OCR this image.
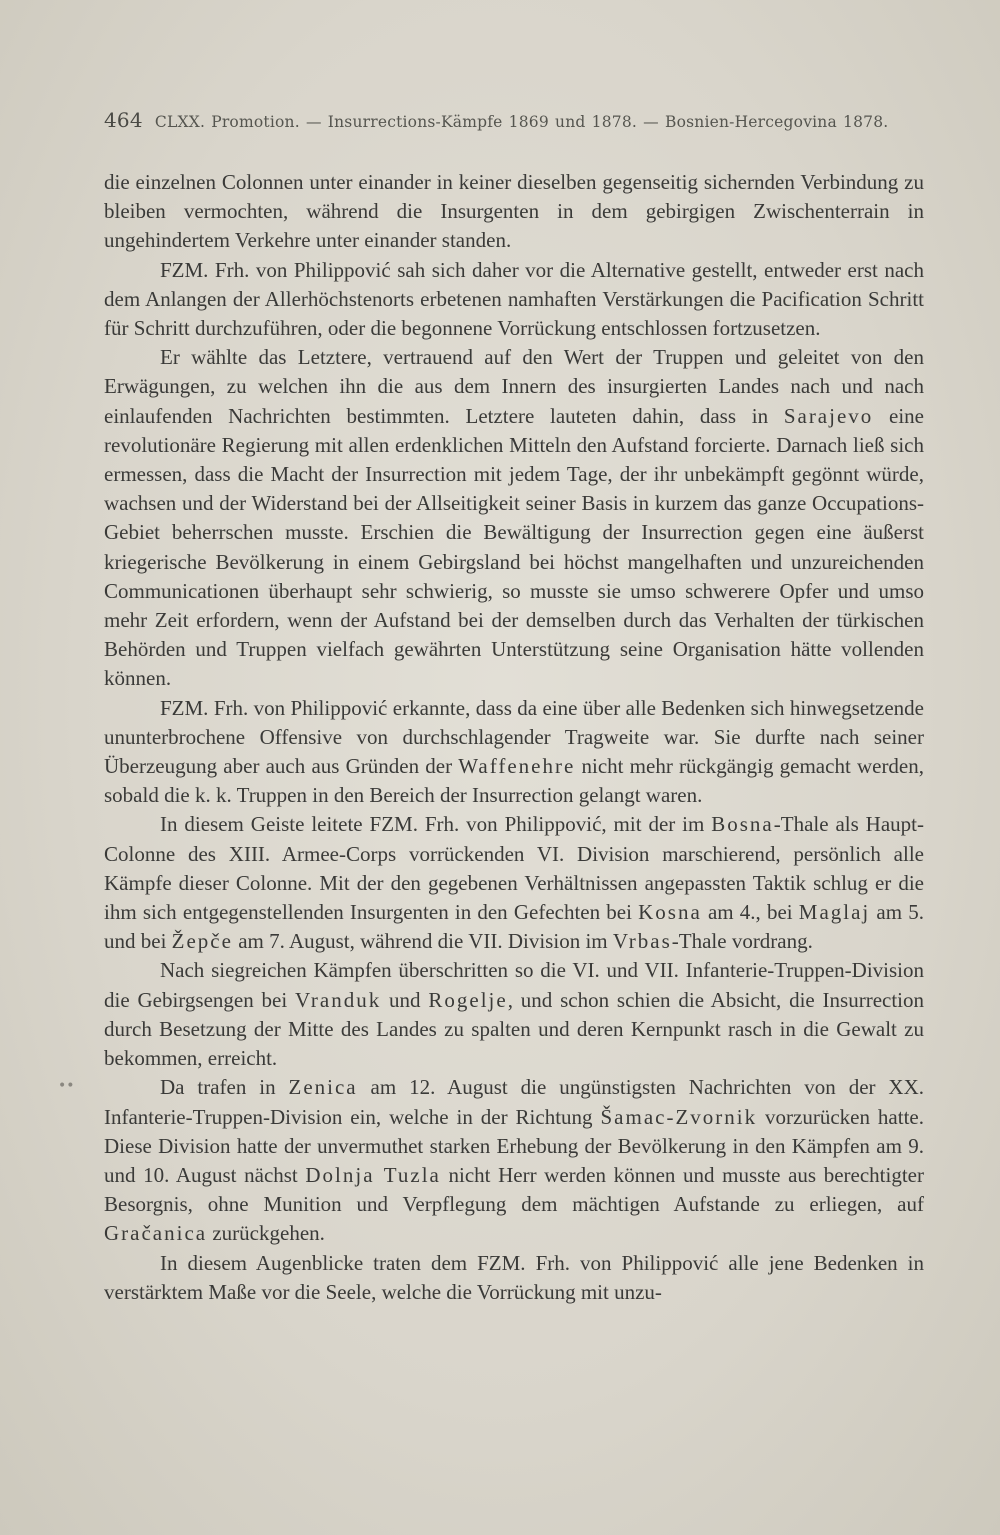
464 CLXX. Promotion. — Insurrections-Kämpfe 1869 und 1878. — Bosnien-Hercegovina 1878.

die einzelnen Colonnen unter einander in keiner dieselben gegenseitig sichernden Verbindung zu bleiben vermochten, während die Insurgenten in dem gebirgigen Zwischenterrain in ungehindertem Verkehre unter einander standen.

FZM. Frh. von Philippović sah sich daher vor die Alternative gestellt, entweder erst nach dem Anlangen der Allerhöchstenorts erbetenen namhaften Verstärkungen die Pacification Schritt für Schritt durchzuführen, oder die begonnene Vorrückung entschlossen fortzusetzen.

Er wählte das Letztere, vertrauend auf den Wert der Truppen und geleitet von den Erwägungen, zu welchen ihn die aus dem Innern des insurgierten Landes nach und nach einlaufenden Nachrichten bestimmten. Letztere lauteten dahin, dass in Sarajevo eine revolutionäre Regierung mit allen erdenklichen Mitteln den Aufstand forcierte. Darnach ließ sich ermessen, dass die Macht der Insurrection mit jedem Tage, der ihr unbekämpft gegönnt würde, wachsen und der Widerstand bei der Allseitigkeit seiner Basis in kurzem das ganze Occupations-Gebiet beherrschen musste. Erschien die Bewältigung der Insurrection gegen eine äußerst kriegerische Bevölkerung in einem Gebirgsland bei höchst mangelhaften und unzureichenden Communicationen überhaupt sehr schwierig, so musste sie umso schwerere Opfer und umso mehr Zeit erfordern, wenn der Aufstand bei der demselben durch das Verhalten der türkischen Behörden und Truppen vielfach gewährten Unterstützung seine Organisation hätte vollenden können.

FZM. Frh. von Philippović erkannte, dass da eine über alle Bedenken sich hinwegsetzende ununterbrochene Offensive von durchschlagender Tragweite war. Sie durfte nach seiner Überzeugung aber auch aus Gründen der Waffenehre nicht mehr rückgängig gemacht werden, sobald die k. k. Truppen in den Bereich der Insurrection gelangt waren.

In diesem Geiste leitete FZM. Frh. von Philippović, mit der im Bosna-Thale als Haupt-Colonne des XIII. Armee-Corps vorrückenden VI. Division marschierend, persönlich alle Kämpfe dieser Colonne. Mit der den gegebenen Verhältnissen angepassten Taktik schlug er die ihm sich entgegenstellenden Insurgenten in den Gefechten bei Kosna am 4., bei Maglaj am 5. und bei Žepče am 7. August, während die VII. Division im Vrbas-Thale vordrang.

Nach siegreichen Kämpfen überschritten so die VI. und VII. Infanterie-Truppen-Division die Gebirgsengen bei Vranduk und Rogelje, und schon schien die Absicht, die Insurrection durch Besetzung der Mitte des Landes zu spalten und deren Kernpunkt rasch in die Gewalt zu bekommen, erreicht.

Da trafen in Zenica am 12. August die ungünstigsten Nachrichten von der XX. Infanterie-Truppen-Division ein, welche in der Richtung Šamac-Zvornik vorzurücken hatte. Diese Division hatte der unvermuthet starken Erhebung der Bevölkerung in den Kämpfen am 9. und 10. August nächst Dolnja Tuzla nicht Herr werden können und musste aus berechtigter Besorgnis, ohne Munition und Verpflegung dem mächtigen Aufstande zu erliegen, auf Gračanica zurückgehen.

In diesem Augenblicke traten dem FZM. Frh. von Philippović alle jene Bedenken in verstärktem Maße vor die Seele, welche die Vorrückung mit unzu-

••
